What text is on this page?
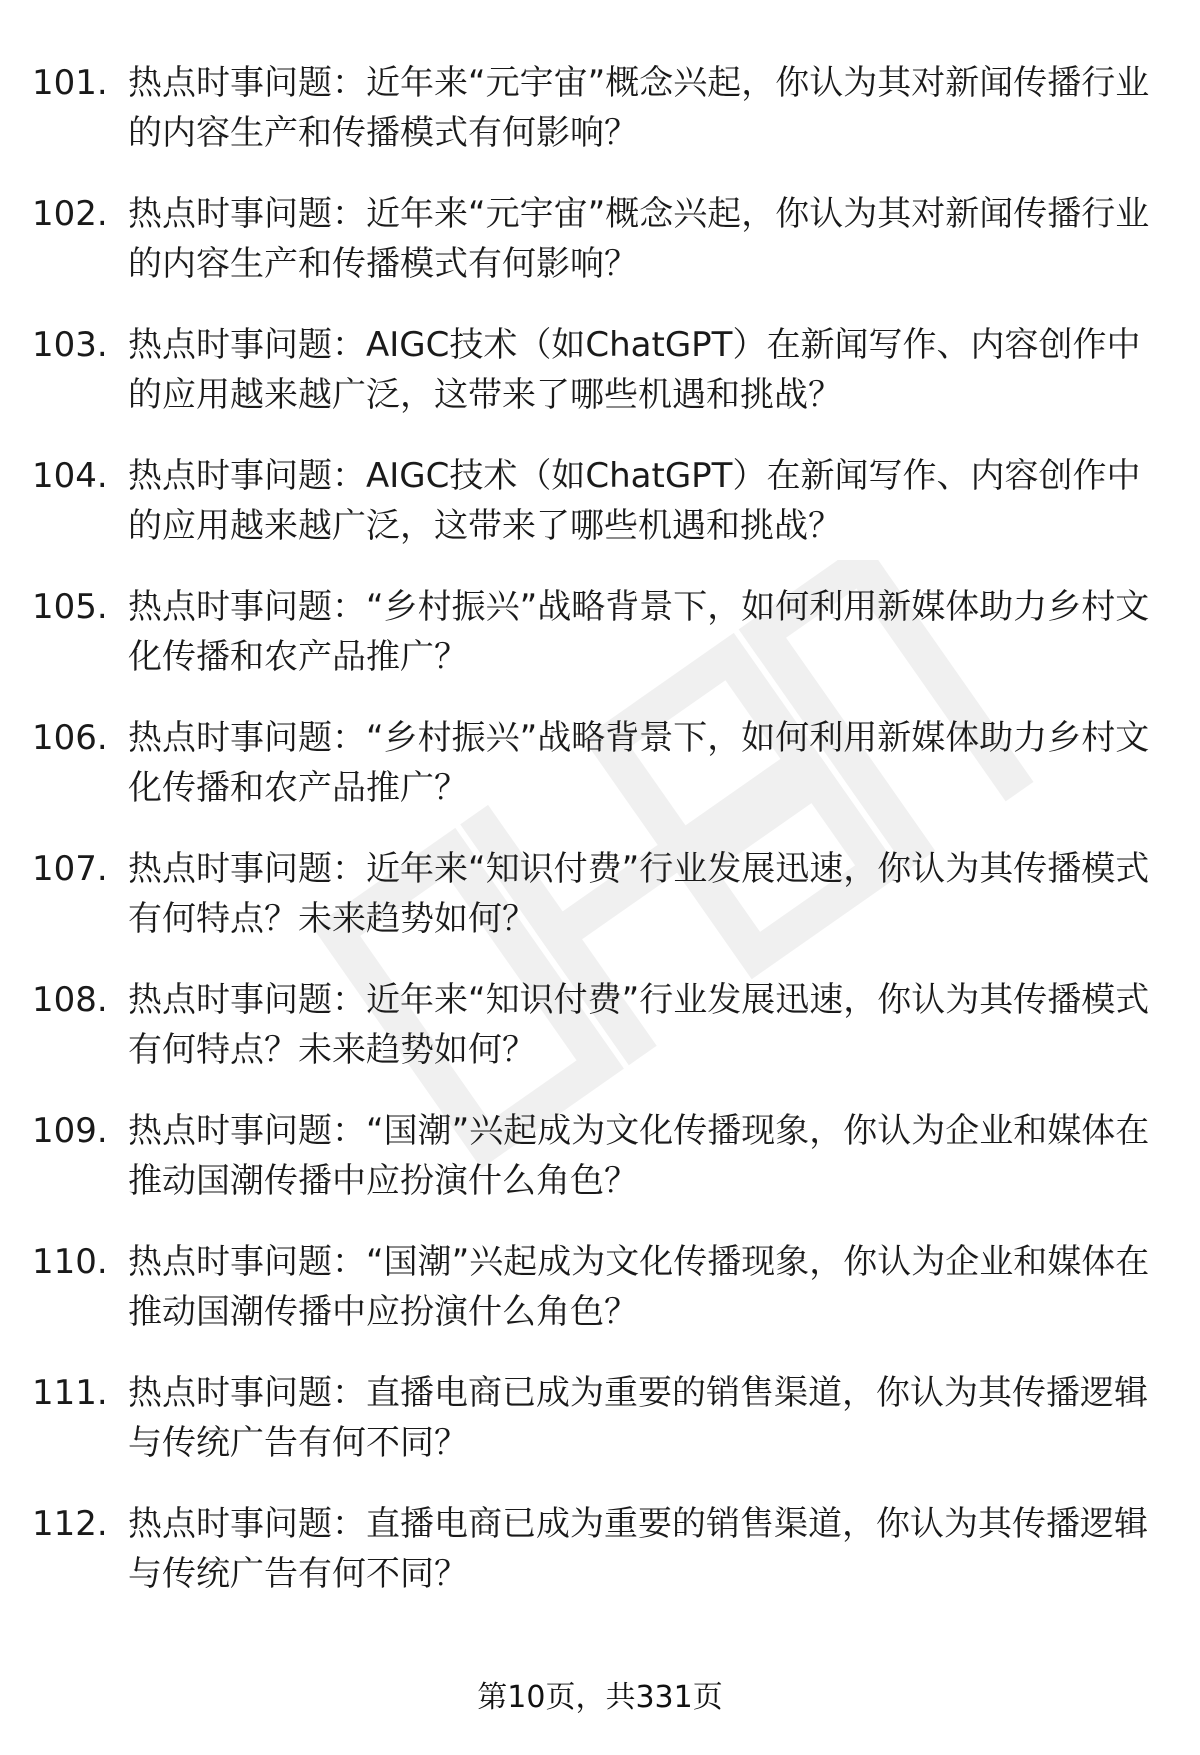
101. 热点时事问题：近年来“元宇宙”概念兴起，你认为其对新闻传播行业的内容生产和传播模式有何影响？
102. 热点时事问题：近年来“元宇宙”概念兴起，你认为其对新闻传播行业的内容生产和传播模式有何影响？
103. 热点时事问题：AIGC技术（如ChatGPT）在新闻写作、内容创作中的应用越来越广泛，这带来了哪些机遇和挑战？
104. 热点时事问题：AIGC技术（如ChatGPT）在新闻写作、内容创作中的应用越来越广泛，这带来了哪些机遇和挑战？
105. 热点时事问题：“乡村振兴”战略背景下，如何利用新媒体助力乡村文化传播和农产品推广？
106. 热点时事问题：“乡村振兴”战略背景下，如何利用新媒体助力乡村文化传播和农产品推广？
107. 热点时事问题：近年来“知识付费”行业发展迅速，你认为其传播模式有何特点？未来趋势如何？
108. 热点时事问题：近年来“知识付费”行业发展迅速，你认为其传播模式有何特点？未来趋势如何？
109. 热点时事问题：“国潮”兴起成为文化传播现象，你认为企业和媒体在推动国潮传播中应扮演什么角色？
110. 热点时事问题：“国潮”兴起成为文化传播现象，你认为企业和媒体在推动国潮传播中应扮演什么角色？
111. 热点时事问题：直播电商已成为重要的销售渠道，你认为其传播逻辑与传统广告有何不同？
112. 热点时事问题：直播电商已成为重要的销售渠道，你认为其传播逻辑与传统广告有何不同？
第10页，共331页
